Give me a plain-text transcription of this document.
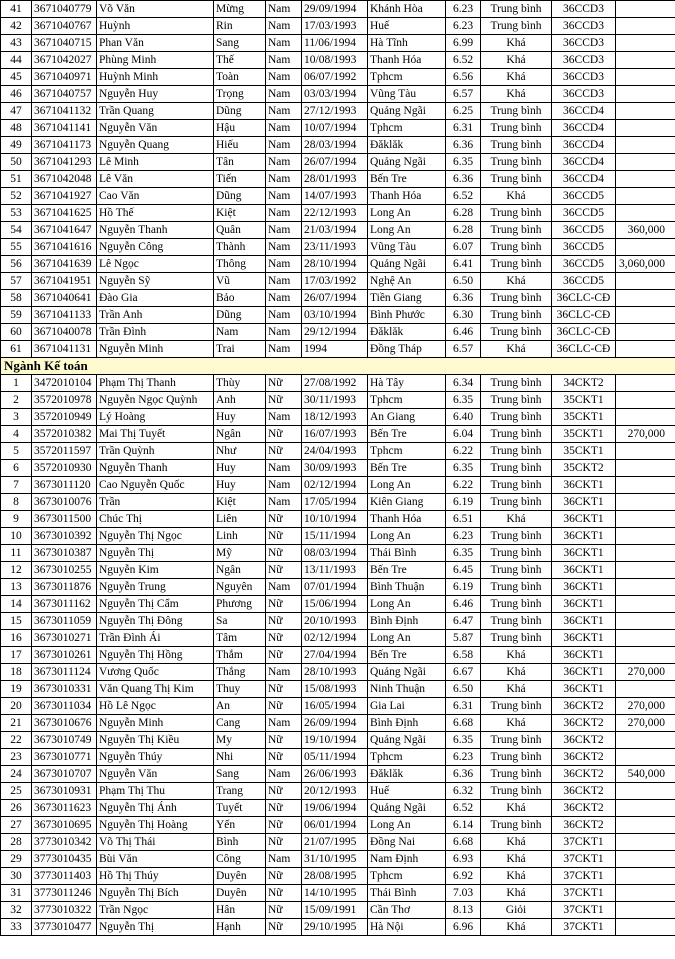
41	3671040779	Võ Văn	Mừng	Nam	29/09/1994	Khánh Hòa	6.23	Trung bình	36CCD3	
42	3671040767	Huỳnh	Rin	Nam	17/03/1993	Huế	6.23	Trung bình	36CCD3	
43	3671040715	Phan Văn	Sang	Nam	11/06/1994	Hà Tĩnh	6.99	Khá	36CCD3	
44	3671042027	Phùng Minh	Thế	Nam	10/08/1993	Thanh Hóa	6.52	Khá	36CCD3	
45	3671040971	Huỳnh Minh	Toàn	Nam	06/07/1992	Tphcm	6.56	Khá	36CCD3	
46	3671040757	Nguyễn Huy	Trọng	Nam	03/03/1994	Vũng Tàu	6.57	Khá	36CCD3	
47	3671041132	Trần Quang	Dũng	Nam	27/12/1993	Quảng Ngãi	6.25	Trung bình	36CCD4	
48	3671041141	Nguyễn Văn	Hậu	Nam	10/07/1994	Tphcm	6.31	Trung bình	36CCD4	
49	3671041173	Nguyễn Quang	Hiếu	Nam	28/03/1994	Đăklăk	6.36	Trung bình	36CCD4	
50	3671041293	Lê Minh	Tân	Nam	26/07/1994	Quảng Ngãi	6.35	Trung bình	36CCD4	
51	3671042048	Lê Văn	Tiến	Nam	28/01/1993	Bến Tre	6.36	Trung bình	36CCD4	
52	3671041927	Cao Văn	Dũng	Nam	14/07/1993	Thanh Hóa	6.52	Khá	36CCD5	
53	3671041625	Hồ Thế	Kiệt	Nam	22/12/1993	Long An	6.28	Trung bình	36CCD5	
54	3671041647	Nguyễn Thanh	Quân	Nam	21/03/1994	Long An	6.28	Trung bình	36CCD5	360,000
55	3671041616	Nguyễn Công	Thành	Nam	23/11/1993	Vũng Tàu	6.07	Trung bình	36CCD5	
56	3671041639	Lê Ngọc	Thông	Nam	28/10/1994	Quảng Ngãi	6.41	Trung bình	36CCD5	3,060,000
57	3671041951	Nguyễn Sỹ	Vũ	Nam	17/03/1992	Nghệ An	6.50	Khá	36CCD5	
58	3671040641	Đào Gia	Bảo	Nam	26/07/1994	Tiền Giang	6.36	Trung bình	36CLC-CĐ	
59	3671041133	Trần Anh	Dũng	Nam	03/10/1994	Bình Phước	6.30	Trung bình	36CLC-CĐ	
60	3671040078	Trần Đình	Nam	Nam	29/12/1994	Đăklăk	6.46	Trung bình	36CLC-CĐ	
61	3671041131	Nguyễn Minh	Trai	Nam	1994	Đồng Tháp	6.57	Khá	36CLC-CĐ	
Ngành Kế toán										
1	3472010104	Phạm Thị Thanh	Thùy	Nữ	27/08/1992	Hà Tây	6.34	Trung bình	34CKT2	
2	3572010978	Nguyễn Ngọc Quỳnh	Anh	Nữ	30/11/1993	Tphcm	6.35	Trung bình	35CKT1	
3	3572010949	Lý Hoàng	Huy	Nam	18/12/1993	An Giang	6.40	Trung bình	35CKT1	
4	3572010382	Mai Thị Tuyết	Ngân	Nữ	16/07/1993	Bến Tre	6.04	Trung bình	35CKT1	270,000
5	3572011597	Trần Quỳnh	Như	Nữ	24/04/1993	Tphcm	6.22	Trung bình	35CKT1	
6	3572010930	Nguyễn Thanh	Huy	Nam	30/09/1993	Bến Tre	6.35	Trung bình	35CKT2	
7	3673011120	Cao Nguyễn Quốc	Huy	Nam	02/12/1994	Long An	6.22	Trung bình	36CKT1	
8	3673010076	Trần	Kiệt	Nam	17/05/1994	Kiên Giang	6.19	Trung bình	36CKT1	
9	3673011500	Chúc Thị	Liên	Nữ	10/10/1994	Thanh Hóa	6.51	Khá	36CKT1	
10	3673010392	Nguyễn Thị Ngọc	Linh	Nữ	15/11/1994	Long An	6.23	Trung bình	36CKT1	
11	3673010387	Nguyễn Thị	Mỹ	Nữ	08/03/1994	Thái Bình	6.35	Trung bình	36CKT1	
12	3673010255	Nguyễn Kim	Ngân	Nữ	13/11/1993	Bến Tre	6.45	Trung bình	36CKT1	
13	3673011876	Nguyễn Trung	Nguyên	Nam	07/01/1994	Bình Thuận	6.19	Trung bình	36CKT1	
14	3673011162	Nguyễn Thị Cẩm	Phương	Nữ	15/06/1994	Long An	6.46	Trung bình	36CKT1	
15	3673011059	Nguyễn Thị Đông	Sa	Nữ	20/10/1993	Bình Định	6.47	Trung bình	36CKT1	
16	3673010271	Trần Đình Ái	Tâm	Nữ	02/12/1994	Long An	5.87	Trung bình	36CKT1	
17	3673010261	Nguyễn Thị Hồng	Thắm	Nữ	27/04/1994	Bến Tre	6.58	Khá	36CKT1	
18	3673011124	Vương Quốc	Thắng	Nam	28/10/1993	Quảng Ngãi	6.67	Khá	36CKT1	270,000
19	3673010331	Văn Quang Thị Kim	Thuy	Nữ	15/08/1993	Ninh Thuận	6.50	Khá	36CKT1	
20	3673011034	Hồ Lê Ngọc	An	Nữ	16/05/1994	Gia Lai	6.31	Trung bình	36CKT2	270,000
21	3673010676	Nguyễn Minh	Cang	Nam	26/09/1994	Bình Định	6.68	Khá	36CKT2	270,000
22	3673010749	Nguyễn Thị Kiều	My	Nữ	19/10/1994	Quảng Ngãi	6.35	Trung bình	36CKT2	
23	3673010771	Nguyễn Thúy	Nhi	Nữ	05/11/1994	Tphcm	6.23	Trung bình	36CKT2	
24	3673010707	Nguyễn Văn	Sang	Nam	26/06/1993	Đăklăk	6.36	Trung bình	36CKT2	540,000
25	3673010931	Phạm Thị Thu	Trang	Nữ	20/12/1993	Huế	6.32	Trung bình	36CKT2	
26	3673011623	Nguyễn Thị Ánh	Tuyết	Nữ	19/06/1994	Quảng Ngãi	6.52	Khá	36CKT2	
27	3673010695	Nguyễn Thị Hoàng	Yến	Nữ	06/01/1994	Long An	6.14	Trung bình	36CKT2	
28	3773010342	Võ Thị Thái	Bình	Nữ	21/07/1995	Đồng Nai	6.68	Khá	37CKT1	
29	3773010435	Bùi Văn	Công	Nam	31/10/1995	Nam Định	6.93	Khá	37CKT1	
30	3773011403	Hồ Thị Thúy	Duyên	Nữ	28/08/1995	Tphcm	6.92	Khá	37CKT1	
31	3773011246	Nguyễn Thị Bích	Duyên	Nữ	14/10/1995	Thái Bình	7.03	Khá	37CKT1	
32	3773010322	Trần Ngọc	Hân	Nữ	15/09/1991	Cần Thơ	8.13	Giỏi	37CKT1	
33	3773010477	Nguyễn Thị	Hạnh	Nữ	29/10/1995	Hà Nội	6.96	Khá	37CKT1	
